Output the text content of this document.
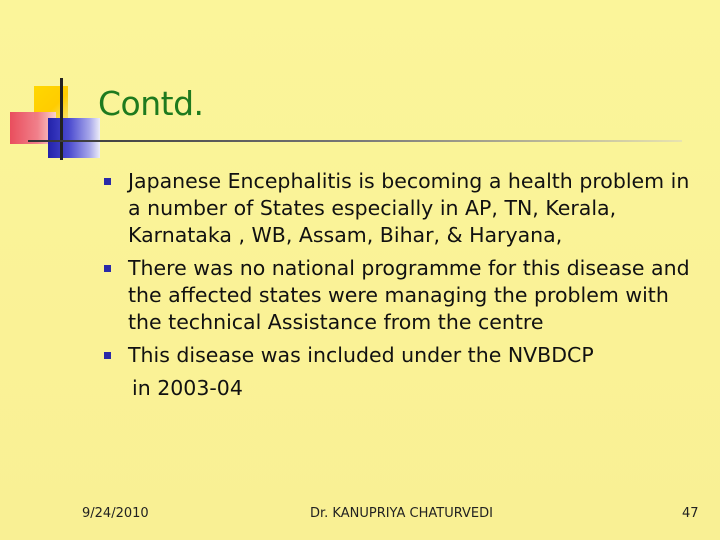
Contd.
Japanese Encephalitis is becoming a health problem in a number of States especially in AP, TN, Kerala, Karnataka , WB, Assam, Bihar, & Haryana,
There was no national programme for this disease and the affected states were managing the problem with the technical Assistance from the centre
This disease was included under the NVBDCP
in 2003-04
9/24/2010	Dr. KANUPRIYA CHATURVEDI	47
